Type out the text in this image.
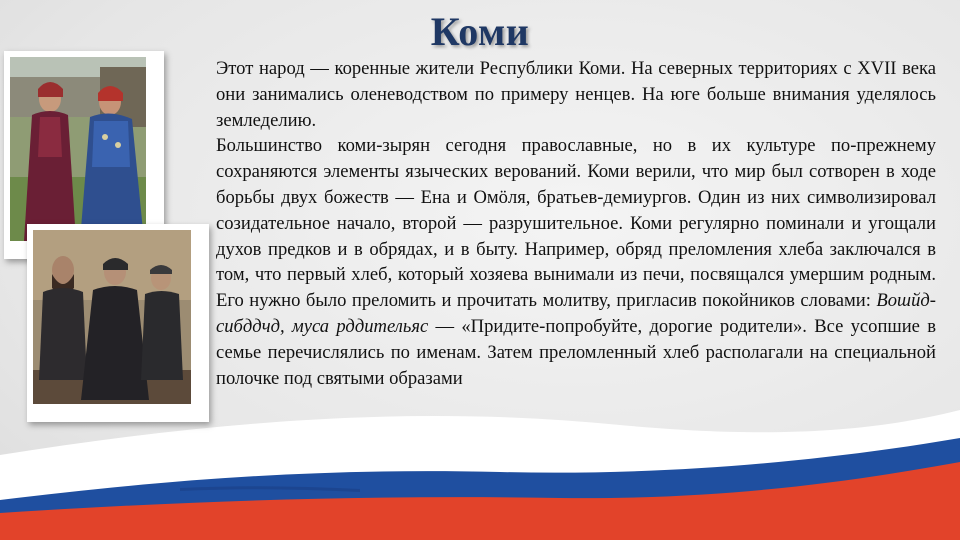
Коми

Этот народ — коренные жители Республики Коми. На северных территориях с XVII века они занимались оленеводством по примеру ненцев. На юге больше внимания уделялось земледелию.

Большинство коми-зырян сегодня православные, но в их культуре по-прежнему сохраняются элементы языческих верований. Коми верили, что мир был сотворен в ходе борьбы двух божеств — Ена и Омöля, братьев-демиургов. Один из них символизировал созидательное начало, второй — разрушительное. Коми регулярно поминали и угощали духов предков и в обрядах, и в быту. Например, обряд преломления хлеба заключался в том, что первый хлеб, который хозяева вынимали из печи, посвящался умершим родным. Его нужно было преломить и прочитать молитву, пригласив покойников словами: Вошйд-сибддчд, муса рддительяс — «Придите-попробуйте, дорогие родители». Все усопшие в семье перечислялись по именам. Затем преломленный хлеб располагали на специальной полочке под святыми образами
